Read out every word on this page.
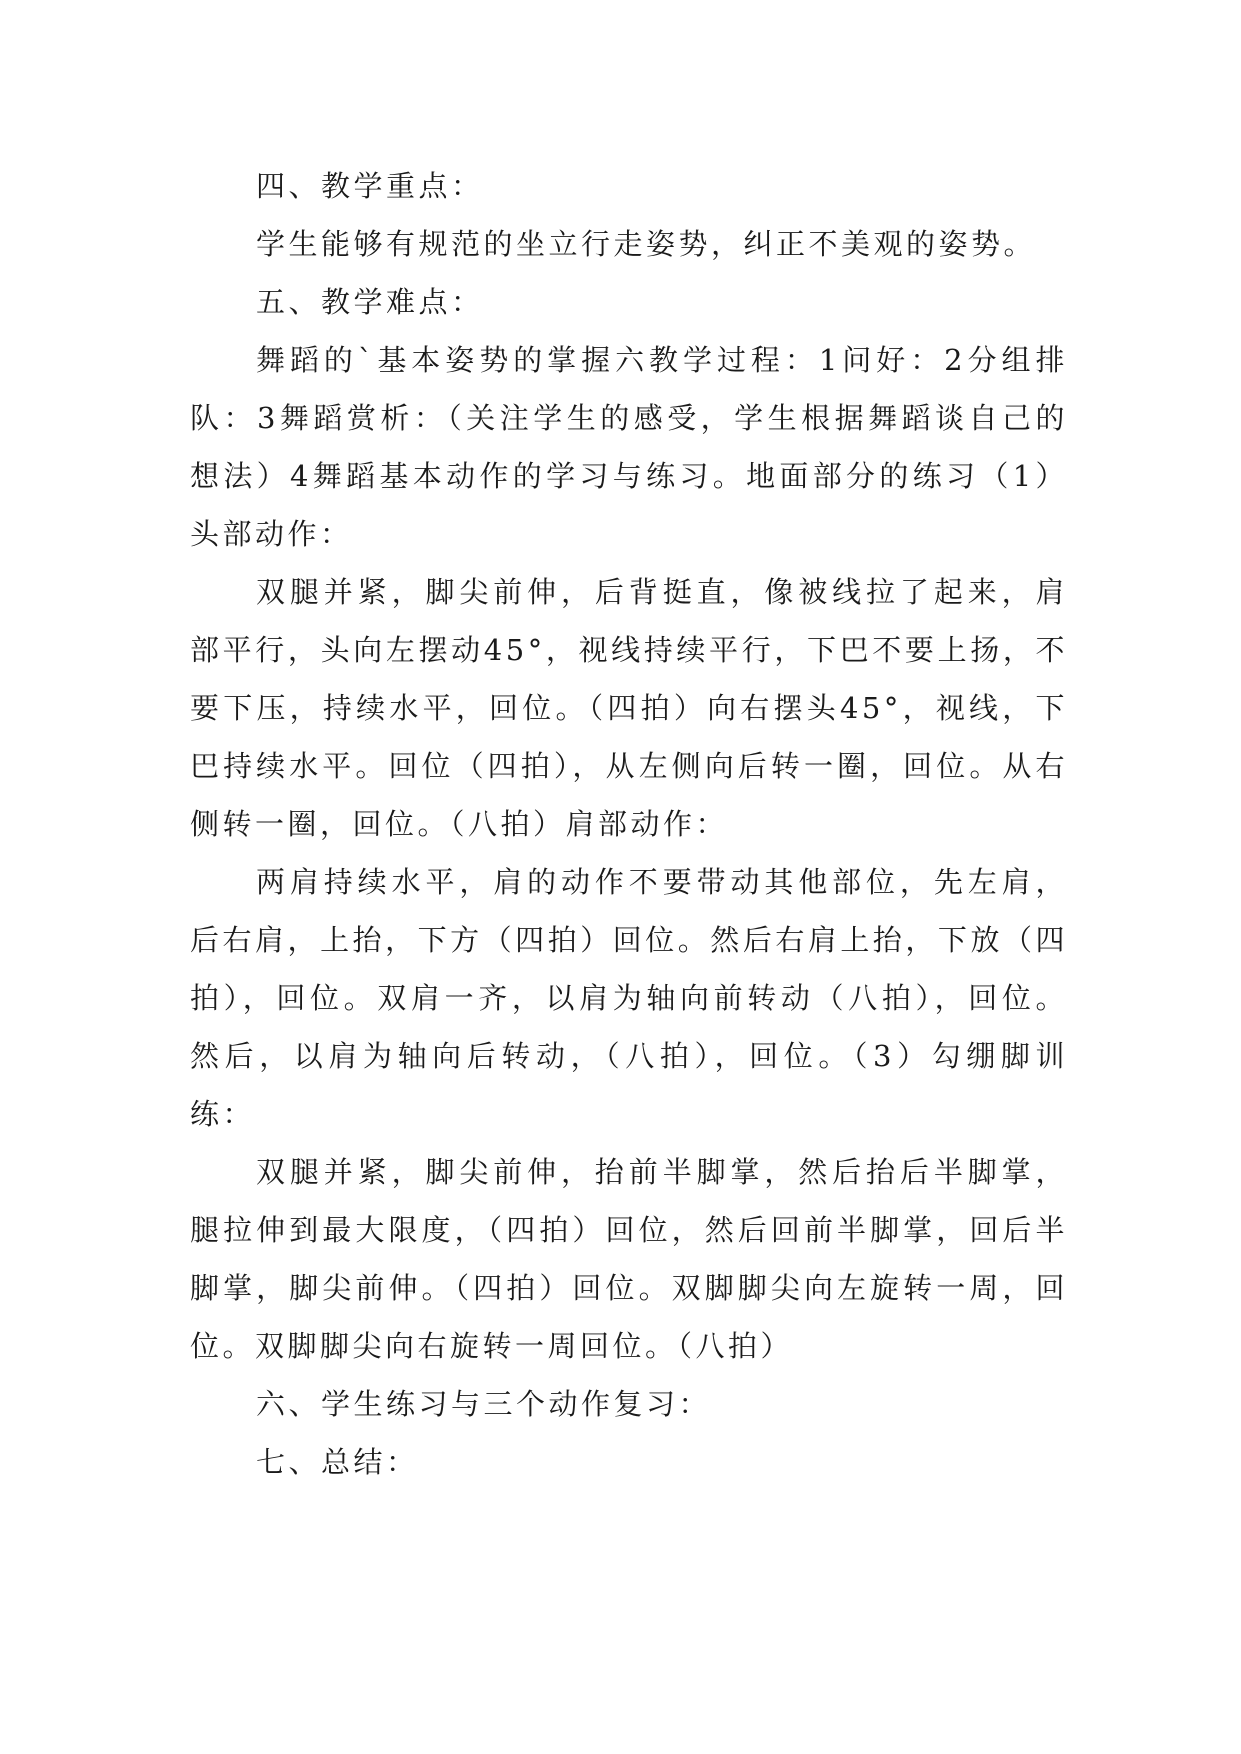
四、教学重点：

学生能够有规范的坐立行走姿势，纠正不美观的姿势。

五、教学难点：

舞蹈的`基本姿势的掌握六教学过程：1问好：2分组排队：3舞蹈赏析：（关注学生的感受，学生根据舞蹈谈自己的想法）4舞蹈基本动作的学习与练习。地面部分的练习（1）头部动作：

双腿并紧，脚尖前伸，后背挺直，像被线拉了起来，肩部平行，头向左摆动45°，视线持续平行，下巴不要上扬，不要下压，持续水平，回位。（四拍）向右摆头45°，视线，下巴持续水平。回位（四拍），从左侧向后转一圈，回位。从右侧转一圈，回位。（八拍）肩部动作：

两肩持续水平，肩的动作不要带动其他部位，先左肩，后右肩，上抬，下方（四拍）回位。然后右肩上抬，下放（四拍），回位。双肩一齐，以肩为轴向前转动（八拍），回位。然后，以肩为轴向后转动，（八拍），回位。（3）勾绷脚训练：

双腿并紧，脚尖前伸，抬前半脚掌，然后抬后半脚掌，腿拉伸到最大限度，（四拍）回位，然后回前半脚掌，回后半脚掌，脚尖前伸。（四拍）回位。双脚脚尖向左旋转一周，回位。双脚脚尖向右旋转一周回位。（八拍）

六、学生练习与三个动作复习：

七、总结：
